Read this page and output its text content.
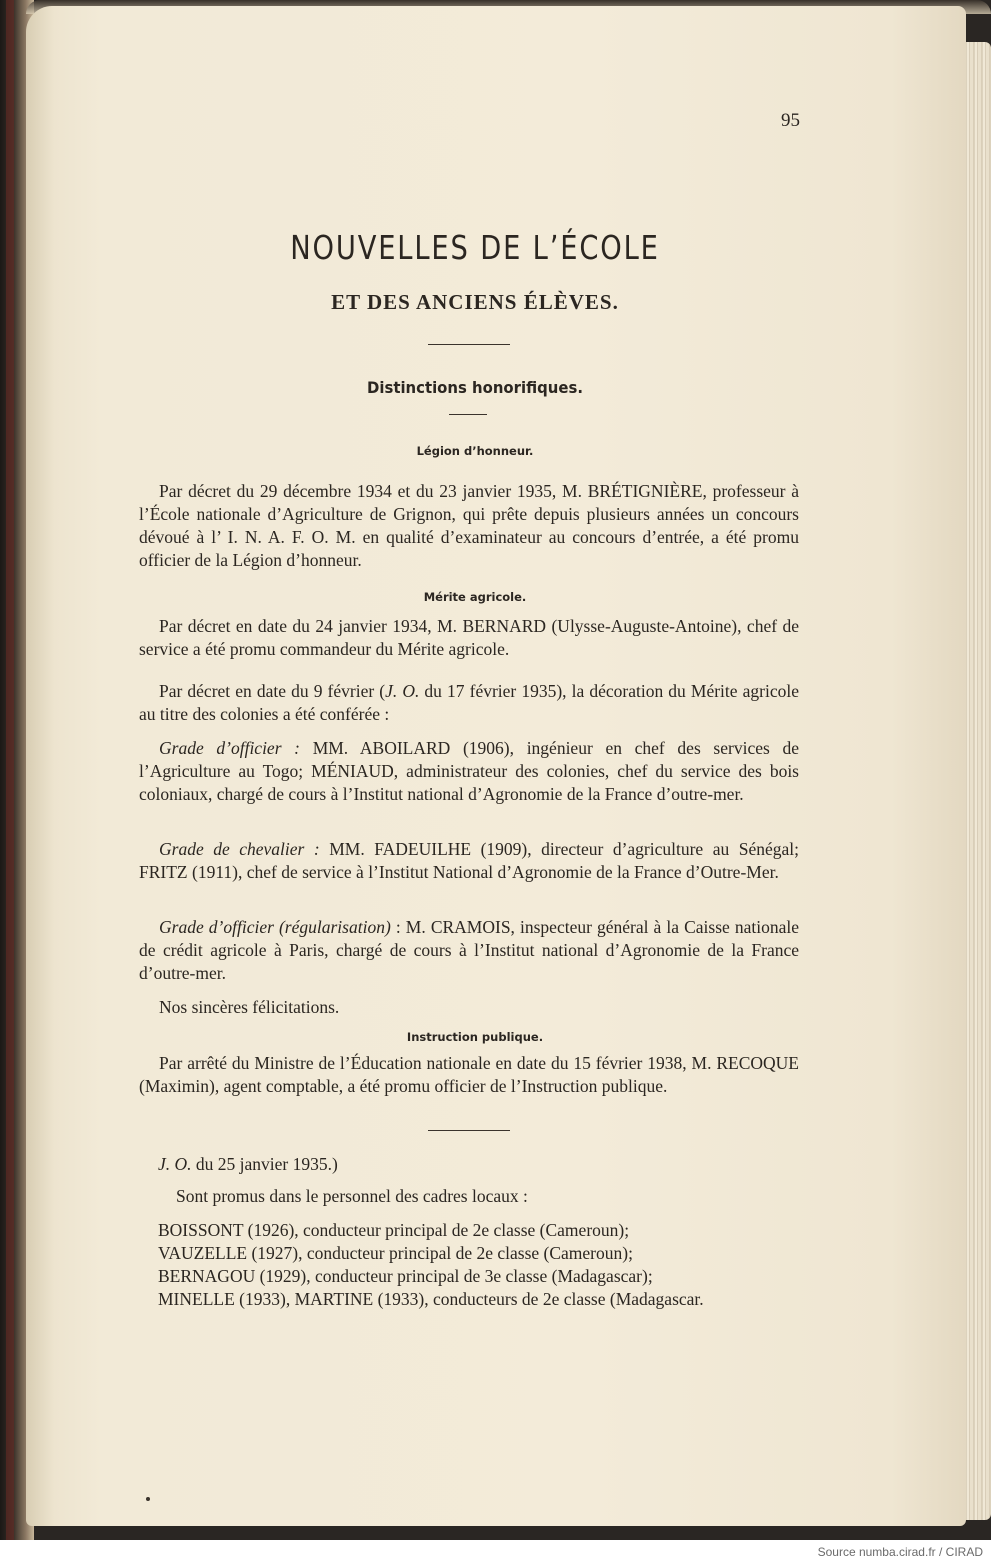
95
NOUVELLES DE L’ÉCOLE
ET DES ANCIENS ÉLÈVES.
Distinctions honorifiques.
Légion d’honneur.
Par décret du 29 décembre 1934 et du 23 janvier 1935, M. BRÉTIGNIÈRE, professeur à l’École nationale d’Agriculture de Grignon, qui prête depuis plusieurs années un concours dévoué à l’ I. N. A. F. O. M. en qualité d’examinateur au concours d’entrée, a été promu officier de la Légion d’honneur.
Mérite agricole.
Par décret en date du 24 janvier 1934, M. BERNARD (Ulysse-Auguste-Antoine), chef de service a été promu commandeur du Mérite agricole.
Par décret en date du 9 février (J. O. du 17 février 1935), la décoration du Mérite agricole au titre des colonies a été conférée :
Grade d’officier : MM. ABOILARD (1906), ingénieur en chef des services de l’Agriculture au Togo; MÉNIAUD, administrateur des colonies, chef du service des bois coloniaux, chargé de cours à l’Institut national d’Agronomie de la France d’outre-mer.
Grade de chevalier : MM. FADEUILHE (1909), directeur d’agriculture au Sénégal; FRITZ (1911), chef de service à l’Institut National d’Agronomie de la France d’Outre-Mer.
Grade d’officier (régularisation) : M. CRAMOIS, inspecteur général à la Caisse nationale de crédit agricole à Paris, chargé de cours à l’Institut national d’Agronomie de la France d’outre-mer.
Nos sincères félicitations.
Instruction publique.
Par arrêté du Ministre de l’Éducation nationale en date du 15 février 1938, M. RECOQUE (Maximin), agent comptable, a été promu officier de l’Instruction publique.
J. O. du 25 janvier 1935.)
Sont promus dans le personnel des cadres locaux :
BOISSONT (1926), conducteur principal de 2e classe (Cameroun);
VAUZELLE (1927), conducteur principal de 2e classe (Cameroun);
BERNAGOU (1929), conducteur principal de 3e classe (Madagascar);
MINELLE (1933), MARTINE (1933), conducteurs de 2e classe (Madagascar.
Source numba.cirad.fr / CIRAD
